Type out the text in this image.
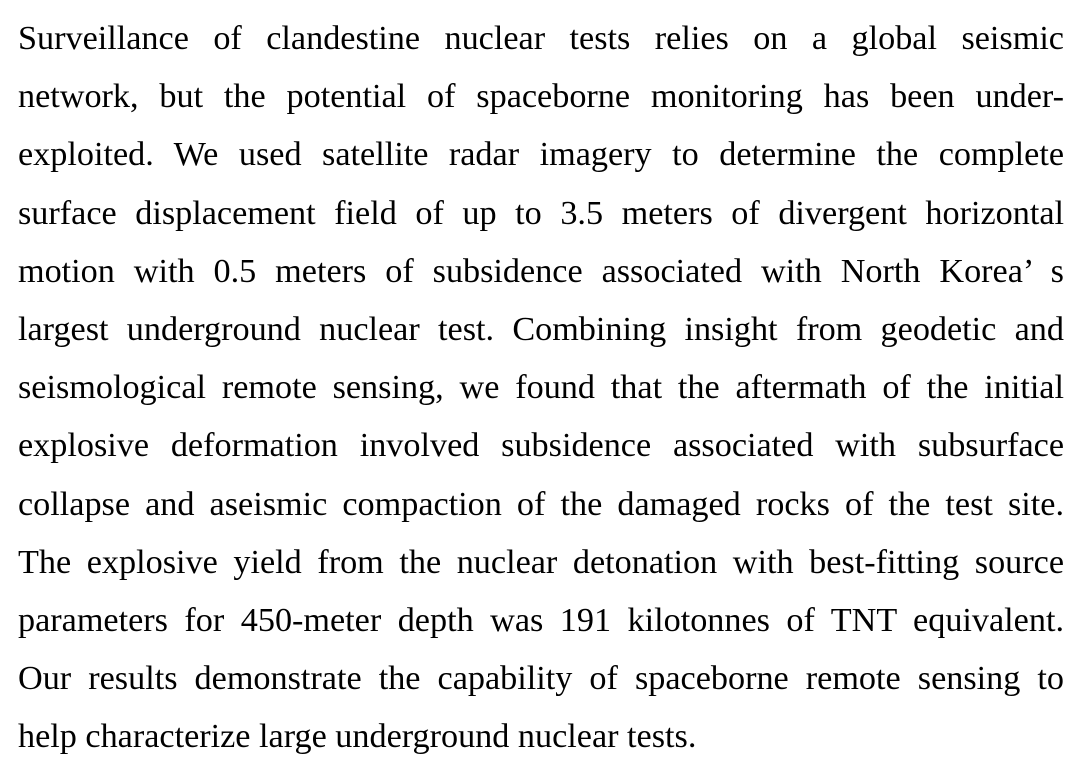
Surveillance of clandestine nuclear tests relies on a global seismic
network, but the potential of spaceborne monitoring has been under-
exploited. We used satellite radar imagery to determine the complete
surface displacement field of up to 3.5 meters of divergent horizontal
motion with 0.5 meters of subsidence associated with North Korea’ s
largest underground nuclear test. Combining insight from geodetic and
seismological remote sensing, we found that the aftermath of the initial
explosive deformation involved subsidence associated with subsurface
collapse and aseismic compaction of the damaged rocks of the test site.
The explosive yield from the nuclear detonation with best-fitting source
parameters for 450-meter depth was 191 kilotonnes of TNT equivalent.
Our results demonstrate the capability of spaceborne remote sensing to
help characterize large underground nuclear tests.
